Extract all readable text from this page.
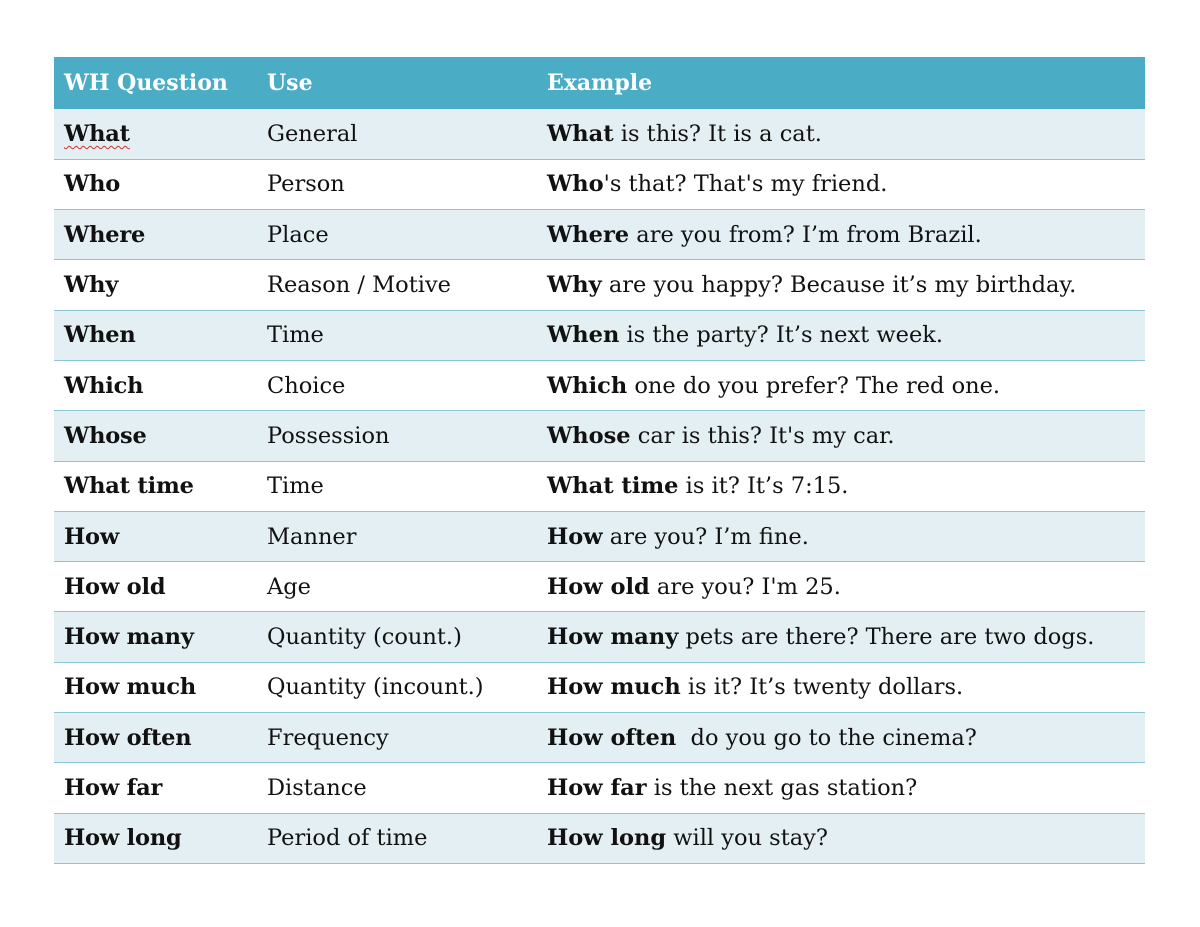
WH Question	Use	Example
What	General	What is this? It is a cat.
Who	Person	Who's that? That's my friend.
Where	Place	Where are you from? I’m from Brazil.
Why	Reason / Motive	Why are you happy? Because it’s my birthday.
When	Time	When is the party? It’s next week.
Which	Choice	Which one do you prefer? The red one.
Whose	Possession	Whose car is this? It's my car.
What time	Time	What time is it? It’s 7:15.
How	Manner	How are you? I’m fine.
How old	Age	How old are you? I'm 25.
How many	Quantity (count.)	How many pets are there? There are two dogs.
How much	Quantity (incount.)	How much is it? It’s twenty dollars.
How often	Frequency	How often  do you go to the cinema?
How far	Distance	How far is the next gas station?
How long	Period of time	How long will you stay?
